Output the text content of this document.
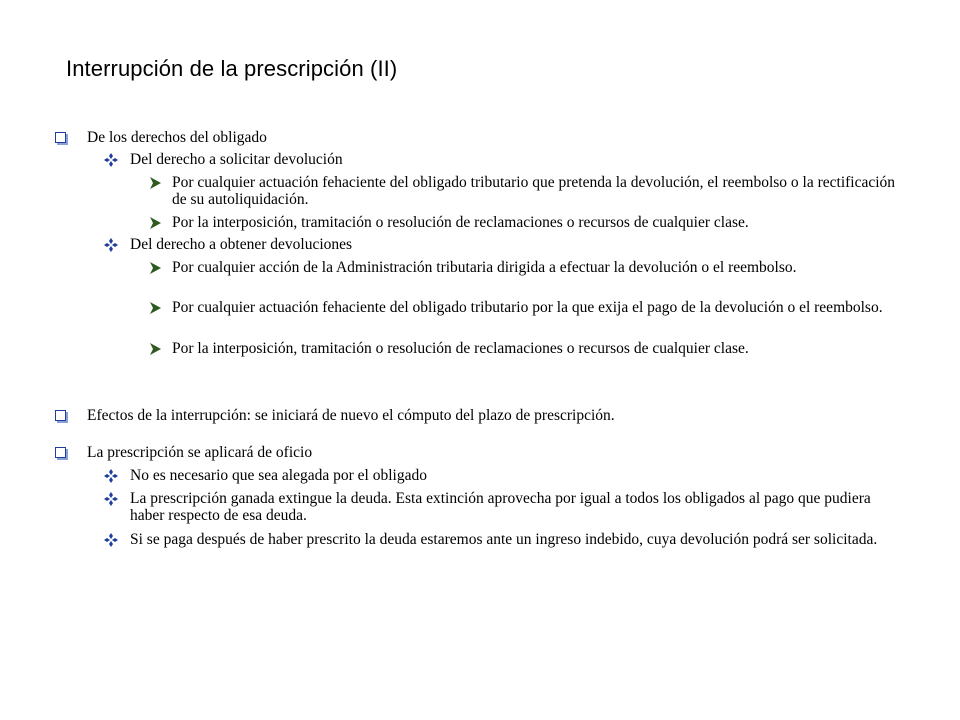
Interrupción de la prescripción (II)
De los derechos del obligado
Del derecho a solicitar devolución
Por cualquier actuación fehaciente del obligado tributario que pretenda la devolución, el reembolso o la rectificación de su autoliquidación.
Por la interposición, tramitación o resolución de reclamaciones o recursos de cualquier clase.
Del derecho a obtener devoluciones
Por cualquier acción de la Administración tributaria dirigida a efectuar la devolución o el reembolso.
Por cualquier actuación fehaciente del obligado tributario por la que exija el pago de la devolución o el reembolso.
Por la interposición, tramitación o resolución de reclamaciones o recursos de cualquier clase.
Efectos de la interrupción: se iniciará de nuevo el cómputo del plazo de prescripción.
La prescripción se aplicará de oficio
No es necesario que sea alegada por el obligado
La prescripción ganada extingue la deuda. Esta extinción aprovecha por igual a todos los obligados al pago que pudiera haber respecto de esa deuda.
Si se paga después de haber prescrito la deuda estaremos ante un ingreso indebido, cuya devolución podrá ser solicitada.
